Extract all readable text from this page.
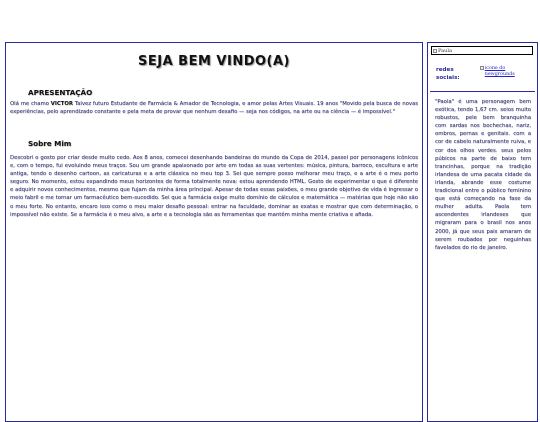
SEJA BEM VINDO(A)
APRESENTAÇÃO
Olá me chamo VICTOR Talvez futuro Estudante de Farmácia & Amador de Tecnologia, e amor pelas Artes Visuais. 19 anos "Movido pela busca de novas experiências, pelo aprendizado constante e pela meta de provar que nenhum desafio — seja nos códigos, na arte ou na ciência — é impossível."
Sobre Mim
Descobri o gosto por criar desde muito cedo. Aos 8 anos, comecei desenhando bandeiras do mundo da Copa de 2014, passei por personagens icônicos e, com o tempo, fui evoluindo meus traços. Sou um grande apaixonado por arte em todas as suas vertentes: música, pintura, barroco, escultura e arte antiga, tendo o desenho cartoon, as caricaturas e a arte clássica no meu top 3. Sei que sempre posso melhorar meu traço, e a arte é o meu porto seguro. No momento, estou expandindo meus horizontes de forma totalmente nova: estou aprendendo HTML. Gosto de experimentar o que é diferente e adquirir novos conhecimentos, mesmo que fujam da minha área principal. Apesar de todas essas paixões, o meu grande objetivo de vida é ingressar o meio fabril e me tornar um farmacêutico bem-sucedido. Sei que a farmácia exige muito domínio de cálculos e matemática — matérias que hoje não são o meu forte. No entanto, encaro isso como o meu maior desafio pessoal: entrar na faculdade, dominar as exatas e mostrar que com determinação, o impossível não existe. Se a farmácia é o meu alvo, a arte e a tecnologia são as ferramentas que mantêm minha mente criativa e afiada.
Paula
redes sociais:
icone do newgrounds
"Paola" é uma personagem bem exótica, tendo 1,67 cm. seios muito robustos, pele bem branquinha com sardas nos bochechas, nariz, ombros, pernas e genitais. com a cor de cabelo naturalmente ruiva, e cor dos olhos verdes. seus pelos púbicos na parte de baixo tem trancinhas, porque na tradição irlandesa de uma pacata cidade da irlanda, abrande esse costume tradicional entre o público feminino que está começando na fase da mulher adulta. Paola tem ascendentes irlandeses que migraram para o brasil nos anos 2000, já que seus pais amaram de serem roubados por neguinhas favelados do rio de janeiro.
